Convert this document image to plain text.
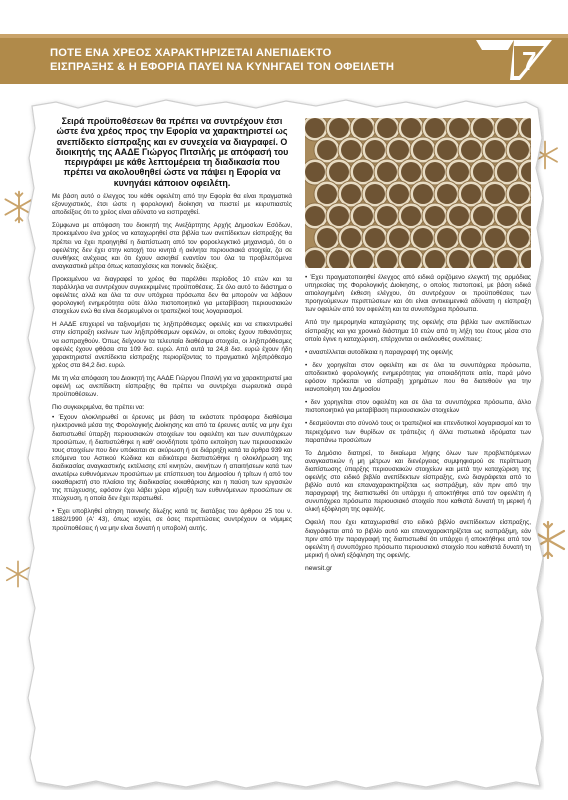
ΠΟΤΕ ΕΝΑ ΧΡΕΟΣ ΧΑΡΑΚΤΗΡΙΖΕΤΑΙ ΑΝΕΠΙΔΕΚΤΟ
ΕΙΣΠΡΑΞΗΣ & Η ΕΦΟΡΙΑ ΠΑΥΕΙ ΝΑ ΚΥΝΗΓΑΕΙ ΤΟΝ ΟΦΕΙΛΕΤΗ	7

Σειρά προϋποθέσεων θα πρέπει να συντρέχουν έτσι ώστε ένα χρέος προς την Εφορία να χαρακτηριστεί ως ανεπίδεκτο είσπραξης και εν συνεχεία να διαγραφεί. Ο διοικητής της ΑΑΔΕ Γιώργος Πιτσιλής με απόφασή του περιγράφει με κάθε λεπτομέρεια τη διαδικασία που πρέπει να ακολουθηθεί ώστε να πάψει η Εφορία να κυνηγάει κάποιον οφειλέτη.

Με βάση αυτό ο έλεγχος του κάθε οφειλέτη από την Εφορία θα είναι πραγματικά εξονυχιστικός, έτσι ώστε η φορολογική διοίκηση να πειστεί με κειρυπιαστές αποδείξεις ότι το χρέος είναι αδύνατο να εισπραχθεί.

Σύμφωνα με απόφαση του διοικητή της Ανεξάρτητης Αρχής Δημοσίων Εσόδων, προκειμένου ένα χρέος να καταχωρηθεί στα βιβλία των ανεπίδεκτων είσπραξης θα πρέπει να έχει προηγηθεί η διαπίστωση από τον φοροελεγκτικό μηχανισμό, ότι ο οφειλέτης δεν έχει στην κατοχή του κινητά ή ακίνητα περιουσιακά στοιχεία, ζει σε συνθήκες ανέχειας και ότι έχουν ασκηθεί εναντίον του όλα τα προβλεπόμενα αναγκαστικά μέτρα όπως κατασχέσεις και ποινικές διώξεις.

Προκειμένου να διαγραφεί το χρέος θα παρέλθει περίοδος 10 ετών και τα παράλληλα να συντρέχουν συγκεκριμένες προϋποθέσεις. Σε όλο αυτό το διάστημα ο οφειλέτες αλλά και όλα τα συν υπόχρεα πρόσωπα δεν θα μπορούν να λάβουν φορολογική ενημερότητα ούτε άλλο πιστοποιητικό για μεταβίβαση περιουσιακών στοιχείων ενώ θα είναι δεσμευμένοι οι τραπεζικοί τους λογαριασμοί.

Η ΑΑΔΕ επιχειρεί να ταξινομήσει τις ληξιπρόθεσμες οφειλές και να επικεντρωθεί στην είσπραξη εκείνων των ληξιπρόθεσμων οφειλών, οι οποίες έχουν πιθανότητες να εισπραχθούν. Όπως δείχνουν τα τελευταία διαθέσιμα στοιχεία, οι ληξιπρόθεσμες οφειλές έχουν φθάσει στα 109 δισ. ευρώ. Από αυτά τα 24,8 δισ. ευρώ έχουν ήδη χαρακτηριστεί ανεπίδεκτα είσπραξης περιορίζοντας το πραγματικό ληξιπρόθεσμο χρέος στα 84,2 δισ. ευρώ.

Με τη νέα απόφαση του Διοικητή της ΑΑΔΕ Γιώργου Πιτσιλή για να χαρακτηριστεί μια οφειλή ως ανεπίδεκτη είσπραξης θα πρέπει να συντρέχει σωρευτικά σειρά προϋποθέσεων.

Πιο συγκεκριμένα, θα πρέπει να:

• Έχουν ολοκληρωθεί οι έρευνες με βάση τα εκάστοτε πρόσφορα διαθέσιμα ηλεκτρονικά μέσα της Φορολογικής Διοίκησης και από τα έρευνες αυτές να μην έχει διαπιστωθεί ύπαρξη περιουσιακών στοιχείων του οφειλέτη και των συνυπόχρεων προσώπων, ή διαπιστώθηκε η καθ' οιονδήποτε τρόπο εκποίηση των περιουσιακών τους στοιχείων που δεν υπόκειται σε ακύρωση ή σε διάρρηξη κατά τα άρθρα 939 και επόμενα του Αστικού Κώδικα και ειδικότερα διαπιστώθηκε η ολοκλήρωση της διαδικασίας αναγκαστικής εκτέλεσης επί κινητών, ακινήτων ή απαιτήσεων κατά των ανωτέρω ευθυνόμενων προσώπων με επίσπευση του Δημοσίου ή τρίτων ή από τον εκκαθαριστή στο πλαίσιο της διαδικασίας εκκαθάρισης και η παύση των εργασιών της πτώχευσης, εφόσον έχει λάβει χώρα κήρυξη των ευθυνόμενων προσώπων σε πτώχευση, η οποία δεν έχει περατωθεί.

• Έχει υποβληθεί αίτηση ποινικής δίωξης κατά τις διατάξεις του άρθρου 25 του ν. 1882/1990 (Α' 43), όπως ισχύει, σε όσες περιπτώσεις συντρέχουν οι νόμιμες προϋποθέσεις ή να μην είναι δυνατή η υποβολή αυτής.

• Έχει πραγματοποιηθεί έλεγχος από ειδικά οριζόμενο ελεγκτή της αρμόδιας υπηρεσίας της Φορολογικής Διοίκησης, ο οποίος πιστοποιεί, με βάση ειδικά αιτιολογημένη έκθεση ελέγχου, ότι συντρέχουν οι προϋποθέσεις των προηγούμενων περιπτώσεων και ότι είναι αντικειμενικά αδύνατη η είσπραξη των οφειλών από τον οφειλέτη και τα συνυπόχρεα πρόσωπα.

Από την ημερομηνία καταχώρισης της οφειλής στα βιβλία των ανεπίδεκτων είσπραξης και για χρονικό διάστημα 10 ετών από τη λήξη του έτους μέσα στο οποίο έγινε η καταχώριση, επέρχονται οι ακόλουθες συνέπειες:

• αναστέλλεται αυτοδίκαια η παραγραφή της οφειλής

• δεν χορηγείται στον οφειλέτη και σε όλα τα συνυπόχρεα πρόσωπα, αποδεικτικό φορολογικής ενημερότητας για οποιαδήποτε αιτία, παρά μόνο εφόσον πρόκειται να είσπραξη χρημάτων που θα διατεθούν για την ικανοποίηση του Δημοσίου

• δεν χορηγείται στον οφειλέτη και σε όλα τα συνυπόχρεα πρόσωπα, άλλο πιστοποιητικό για μεταβίβαση περιουσιακών στοιχείων

• δεσμεύονται στο σύνολό τους οι τραπεζικοί και επενδυτικοί λογαριασμοί και το περιεχόμενο των θυρίδων σε τράπεζες ή άλλα πιστωτικά ιδρύματα των παραπάνω προσώπων

Το Δημόσιο διατηρεί, το δικαίωμα λήψης όλων των προβλεπόμενων αναγκαστικών ή μη μέτρων και διενέργειας συμψηφισμού σε περίπτωση διαπίστωσης ύπαρξης περιουσιακών στοιχείων και μετά την καταχώριση της οφειλής στο ειδικό βιβλίο ανεπίδεκτων είσπραξης, ενώ διαγράφεται από το βιβλίο αυτό και επαναχαρακτηρίζεται ως εισπράξιμη, εάν πριν από την παραγραφή της διαπιστωθεί ότι υπάρχει ή αποκτήθηκε από τον οφειλέτη ή συνυπόχρεο πρόσωπο περιουσιακό στοιχείο που καθιστά δυνατή τη μερική ή ολική εξόφληση της οφειλής.

Οφειλή που έχει καταχωρισθεί στο ειδικό βιβλίο ανεπίδεκτων είσπραξης, διαγράφεται από το βιβλίο αυτό και επαναχαρακτηρίζεται ως εισπράξιμη, εάν πριν από την παραγραφή της διαπιστωθεί ότι υπάρχει ή αποκτήθηκε από τον οφειλέτη ή συνυπόχρεο πρόσωπο περιουσιακό στοιχείο που καθιστά δυνατή τη μερική ή ολική εξόφληση της οφειλής.

newsit.gr
